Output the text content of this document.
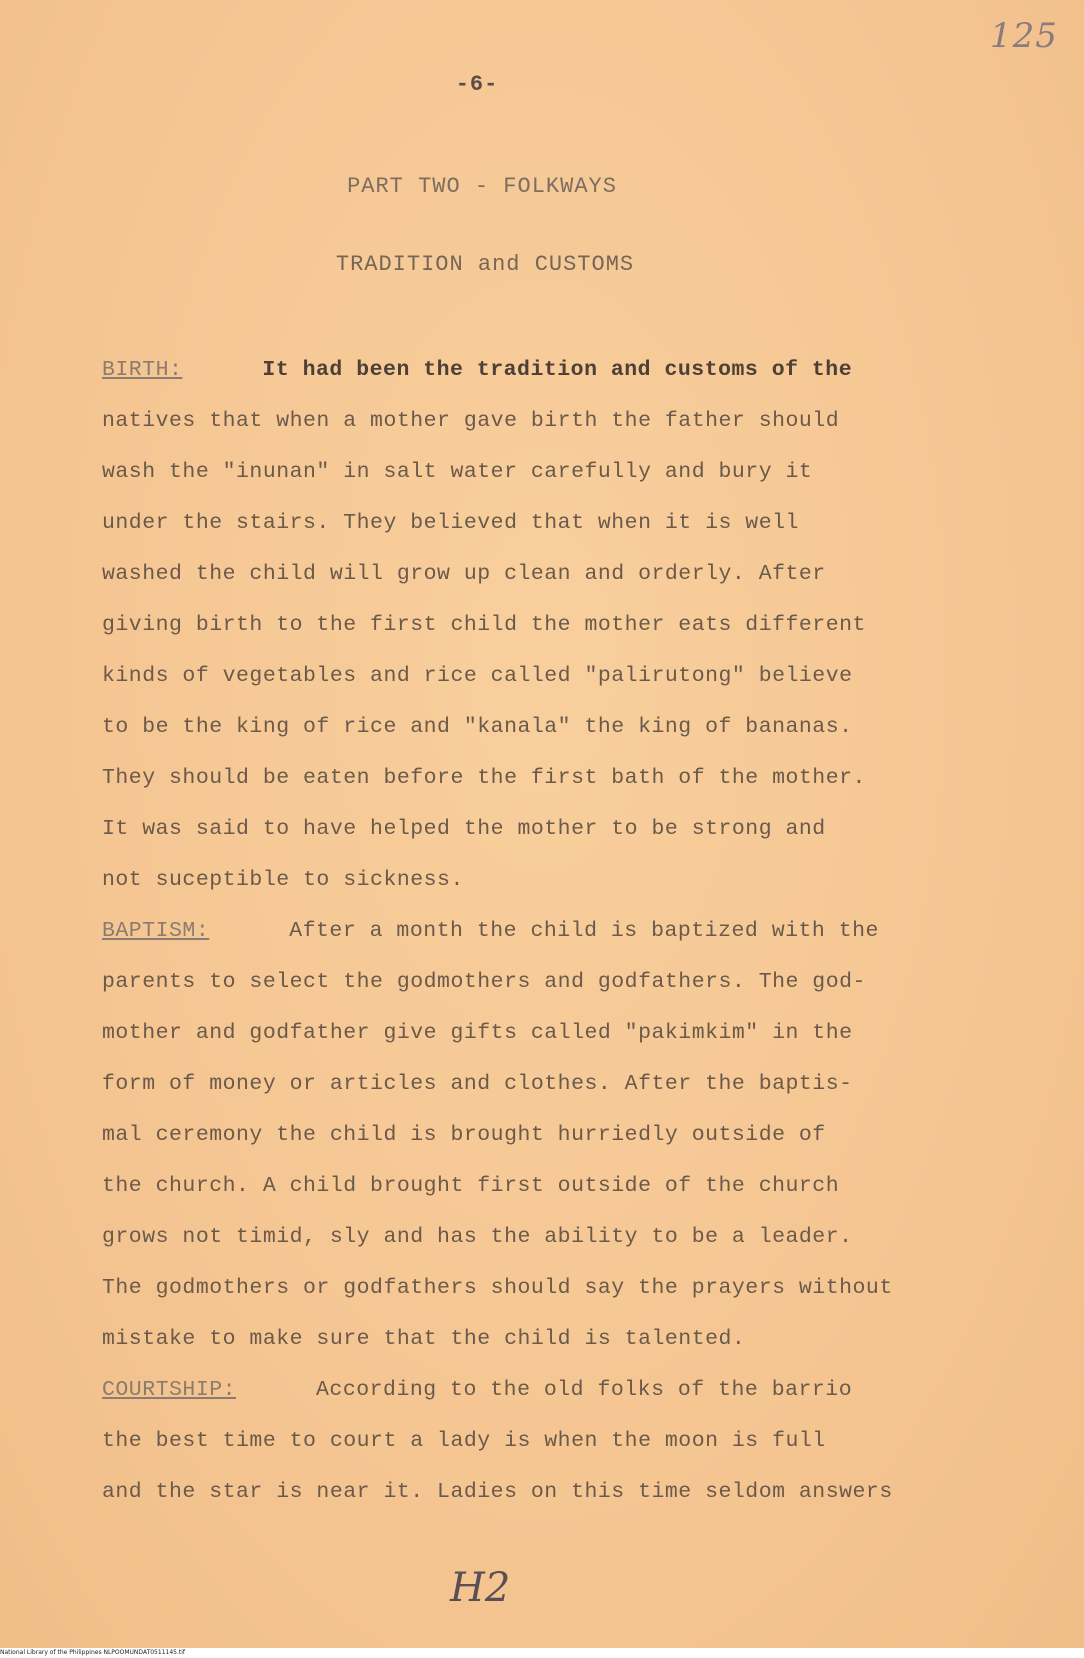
125
-6-
PART TWO - FOLKWAYS
TRADITION and CUSTOMS
BIRTH:	It had been the tradition and customs of the
natives that when a mother gave birth the father should
wash the "inunan" in salt water carefully and bury it
under the stairs. They believed that when it is well
washed the child will grow up clean and orderly. After
giving birth to the first child the mother eats different
kinds of vegetables and rice called "palirutong" believe
to be the king of rice and "kanala" the king of bananas.
They should be eaten before the first bath of the mother.
It was said to have helped the mother to be strong and
not suceptible to sickness.
BAPTISM:	After a month the child is baptized with the
parents to select the godmothers and godfathers. The god-
mother and godfather give gifts called "pakimkim" in the
form of money or articles and clothes. After the baptis-
mal ceremony the child is brought hurriedly outside of
the church. A child brought first outside of the church
grows not timid, sly and has the ability to be a leader.
The godmothers or godfathers should say the prayers without
mistake to make sure that the child is talented.
COURTSHIP:	According to the old folks of the barrio
the best time to court a lady is when the moon is full
and the star is near it. Ladies on this time seldom answers
H2
National Library of the Philippines NLPOOMUNDAT0511145.tif
